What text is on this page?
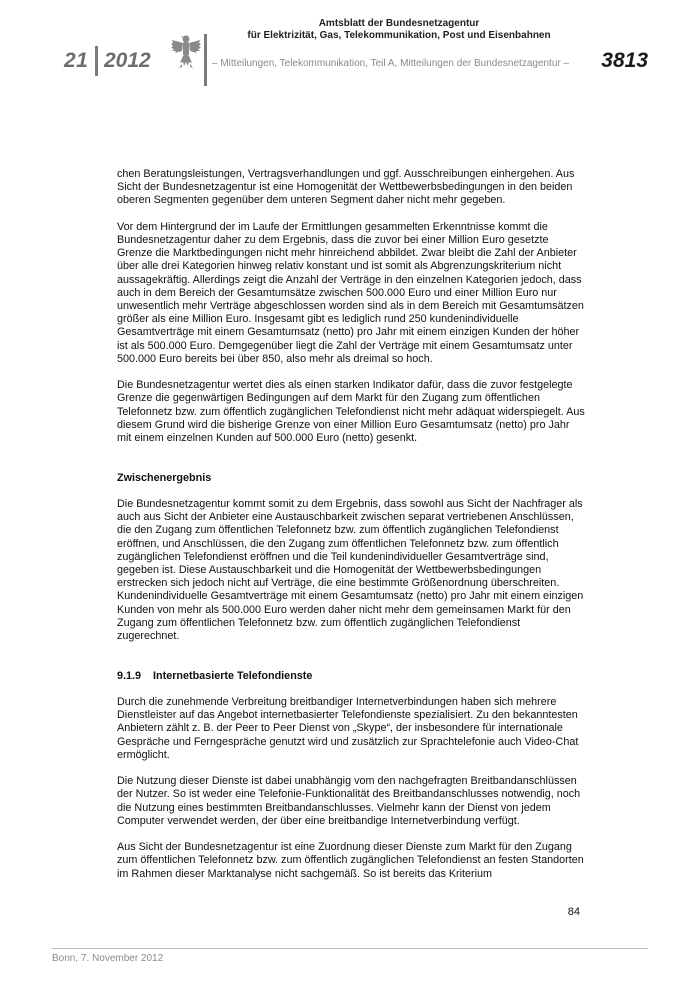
21 2012
Amtsblatt der Bundesnetzagentur
für Elektrizität, Gas, Telekommunikation, Post und Eisenbahnen
– Mitteilungen, Telekommunikation, Teil A, Mitteilungen der Bundesnetzagentur – 3813

chen Beratungsleistungen, Vertragsverhandlungen und ggf. Ausschreibungen einhergehen. Aus Sicht der Bundesnetzagentur ist eine Homogenität der Wettbewerbsbedingungen in den beiden oberen Segmenten gegenüber dem unteren Segment daher nicht mehr gegeben.

Vor dem Hintergrund der im Laufe der Ermittlungen gesammelten Erkenntnisse kommt die Bundesnetzagentur daher zu dem Ergebnis, dass die zuvor bei einer Million Euro gesetzte Grenze die Marktbedingungen nicht mehr hinreichend abbildet. Zwar bleibt die Zahl der Anbieter über alle drei Kategorien hinweg relativ konstant und ist somit als Abgrenzungskriterium nicht aussagekräftig. Allerdings zeigt die Anzahl der Verträge in den einzelnen Kategorien jedoch, dass auch in dem Bereich der Gesamtumsätze zwischen 500.000 Euro und einer Million Euro nur unwesentlich mehr Verträge abgeschlossen worden sind als in dem Bereich mit Gesamtumsätzen größer als eine Million Euro. Insgesamt gibt es lediglich rund 250 kundenindividuelle Gesamtverträge mit einem Gesamtumsatz (netto) pro Jahr mit einem einzigen Kunden der höher ist als 500.000 Euro. Demgegenüber liegt die Zahl der Verträge mit einem Gesamtumsatz unter 500.000 Euro bereits bei über 850, also mehr als dreimal so hoch.

Die Bundesnetzagentur wertet dies als einen starken Indikator dafür, dass die zuvor festgelegte Grenze die gegenwärtigen Bedingungen auf dem Markt für den Zugang zum öffentlichen Telefonnetz bzw. zum öffentlich zugänglichen Telefondienst nicht mehr adäquat widerspiegelt. Aus diesem Grund wird die bisherige Grenze von einer Million Euro Gesamtumsatz (netto) pro Jahr mit einem einzelnen Kunden auf 500.000 Euro (netto) gesenkt.

Zwischenergebnis

Die Bundesnetzagentur kommt somit zu dem Ergebnis, dass sowohl aus Sicht der Nachfrager als auch aus Sicht der Anbieter eine Austauschbarkeit zwischen separat vertriebenen Anschlüssen, die den Zugang zum öffentlichen Telefonnetz bzw. zum öffentlich zugänglichen Telefondienst eröffnen, und Anschlüssen, die den Zugang zum öffentlichen Telefonnetz bzw. zum öffentlich zugänglichen Telefondienst eröffnen und die Teil kundenindividueller Gesamtverträge sind, gegeben ist. Diese Austauschbarkeit und die Homogenität der Wettbewerbsbedingungen erstrecken sich jedoch nicht auf Verträge, die eine bestimmte Größenordnung überschreiten. Kundenindividuelle Gesamtverträge mit einem Gesamtumsatz (netto) pro Jahr mit einem einzigen Kunden von mehr als 500.000 Euro werden daher nicht mehr dem gemeinsamen Markt für den Zugang zum öffentlichen Telefonnetz bzw. zum öffentlich zugänglichen Telefondienst zugerechnet.

9.1.9 Internetbasierte Telefondienste

Durch die zunehmende Verbreitung breitbandiger Internetverbindungen haben sich mehrere Dienstleister auf das Angebot internetbasierter Telefondienste spezialisiert. Zu den bekanntesten Anbietern zählt z. B. der Peer to Peer Dienst von „Skype“, der insbesondere für internationale Gespräche und Ferngespräche genutzt wird und zusätzlich zur Sprachtelefonie auch Video-Chat ermöglicht.

Die Nutzung dieser Dienste ist dabei unabhängig vom den nachgefragten Breitbandanschlüssen der Nutzer. So ist weder eine Telefonie-Funktionalität des Breitbandanschlusses notwendig, noch die Nutzung eines bestimmten Breitbandanschlusses. Vielmehr kann der Dienst von jedem Computer verwendet werden, der über eine breitbandige Internetverbindung verfügt.

Aus Sicht der Bundesnetzagentur ist eine Zuordnung dieser Dienste zum Markt für den Zugang zum öffentlichen Telefonnetz bzw. zum öffentlich zugänglichen Telefondienst an festen Standorten im Rahmen dieser Marktanalyse nicht sachgemäß. So ist bereits das Kriterium

84
Bonn, 7. November 2012
